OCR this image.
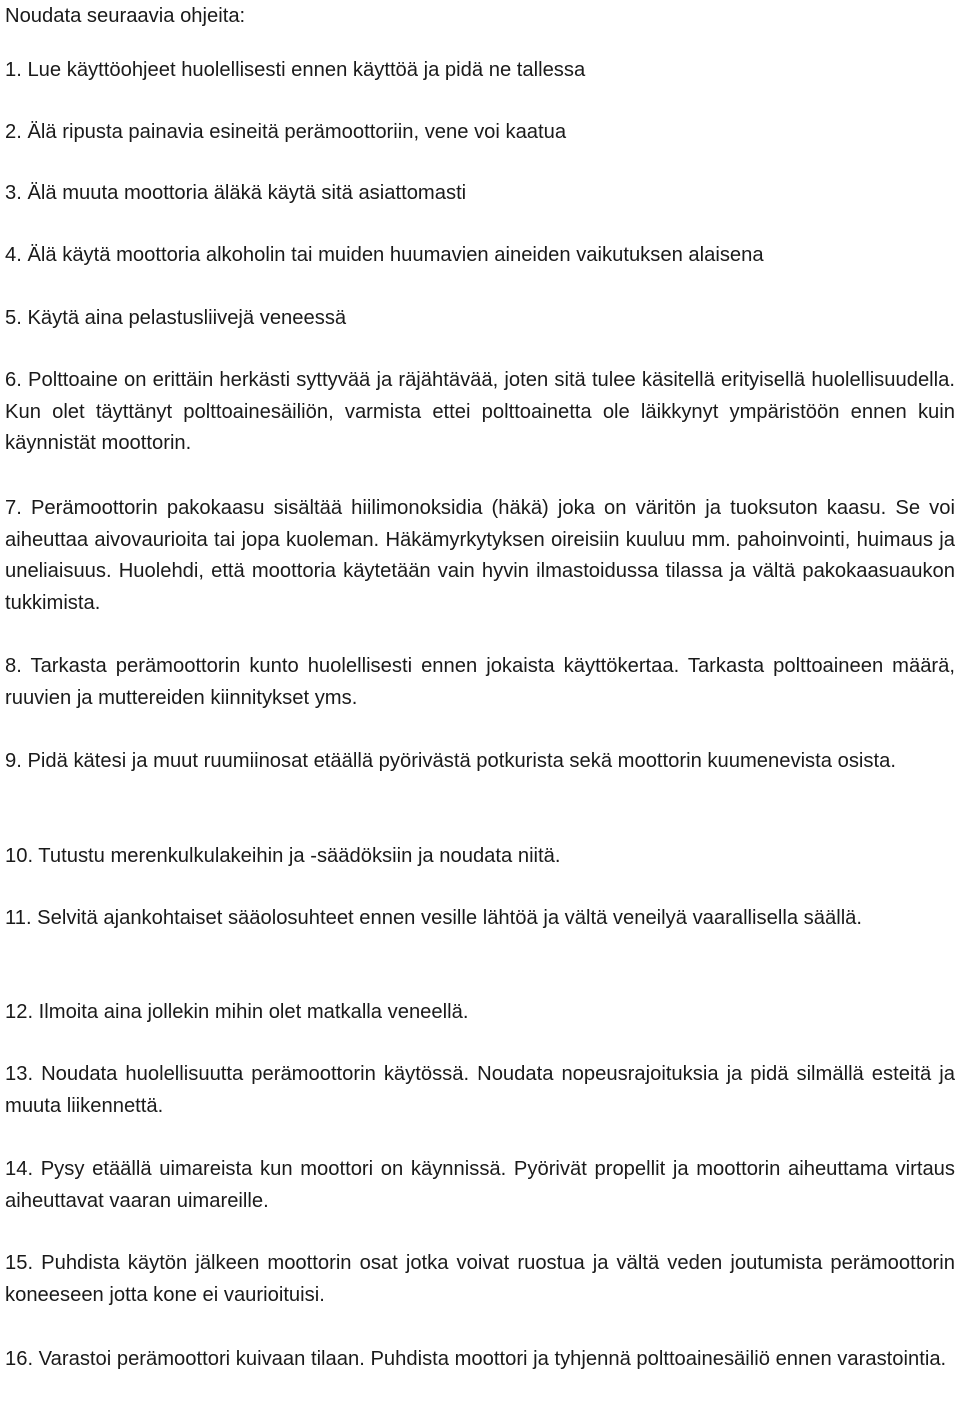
Noudata seuraavia ohjeita:

1. Lue käyttöohjeet huolellisesti ennen käyttöä ja pidä ne tallessa

2. Älä ripusta painavia esineitä perämoottoriin, vene voi kaatua

3. Älä muuta moottoria äläkä käytä sitä asiattomasti

4. Älä käytä moottoria alkoholin tai muiden huumavien aineiden vaikutuksen alaisena

5. Käytä aina pelastusliivejä veneessä

6. Polttoaine on erittäin herkästi syttyvää ja räjähtävää, joten sitä tulee käsitellä erityisellä huolellisuudella. Kun olet täyttänyt polttoainesäiliön, varmista ettei polttoainetta ole läikkynyt ympäristöön ennen kuin käynnistät moottorin.

7. Perämoottorin pakokaasu sisältää hiilimonoksidia (häkä) joka on väritön ja tuoksuton kaasu. Se voi aiheuttaa aivovaurioita tai jopa kuoleman. Häkämyrkytyksen oireisiin kuuluu mm. pahoinvointi, huimaus ja uneliaisuus. Huolehdi, että moottoria käytetään vain hyvin ilmastoidussa tilassa ja vältä pakokaasuaukon tukkimista.

8. Tarkasta perämoottorin kunto huolellisesti ennen jokaista käyttökertaa. Tarkasta polttoaineen määrä, ruuvien ja muttereiden kiinnitykset yms.

9. Pidä kätesi ja muut ruumiinosat etäällä pyörivästä potkurista sekä moottorin kuumenevista osista.

10. Tutustu merenkulkulakeihin ja -säädöksiin ja noudata niitä.

11. Selvitä ajankohtaiset sääolosuhteet ennen vesille lähtöä ja vältä veneilyä vaarallisella säällä.

12. Ilmoita aina jollekin mihin olet matkalla veneellä.

13. Noudata huolellisuutta perämoottorin käytössä. Noudata nopeusrajoituksia ja pidä silmällä esteitä ja muuta liikennettä.

14. Pysy etäällä uimareista kun moottori on käynnissä. Pyörivät propellit ja moottorin aiheuttama virtaus aiheuttavat vaaran uimareille.

15. Puhdista käytön jälkeen moottorin osat jotka voivat ruostua ja vältä veden joutumista perämoottorin koneeseen jotta kone ei vaurioituisi.

16. Varastoi perämoottori kuivaan tilaan. Puhdista moottori ja tyhjennä polttoainesäiliö ennen varastointia.
